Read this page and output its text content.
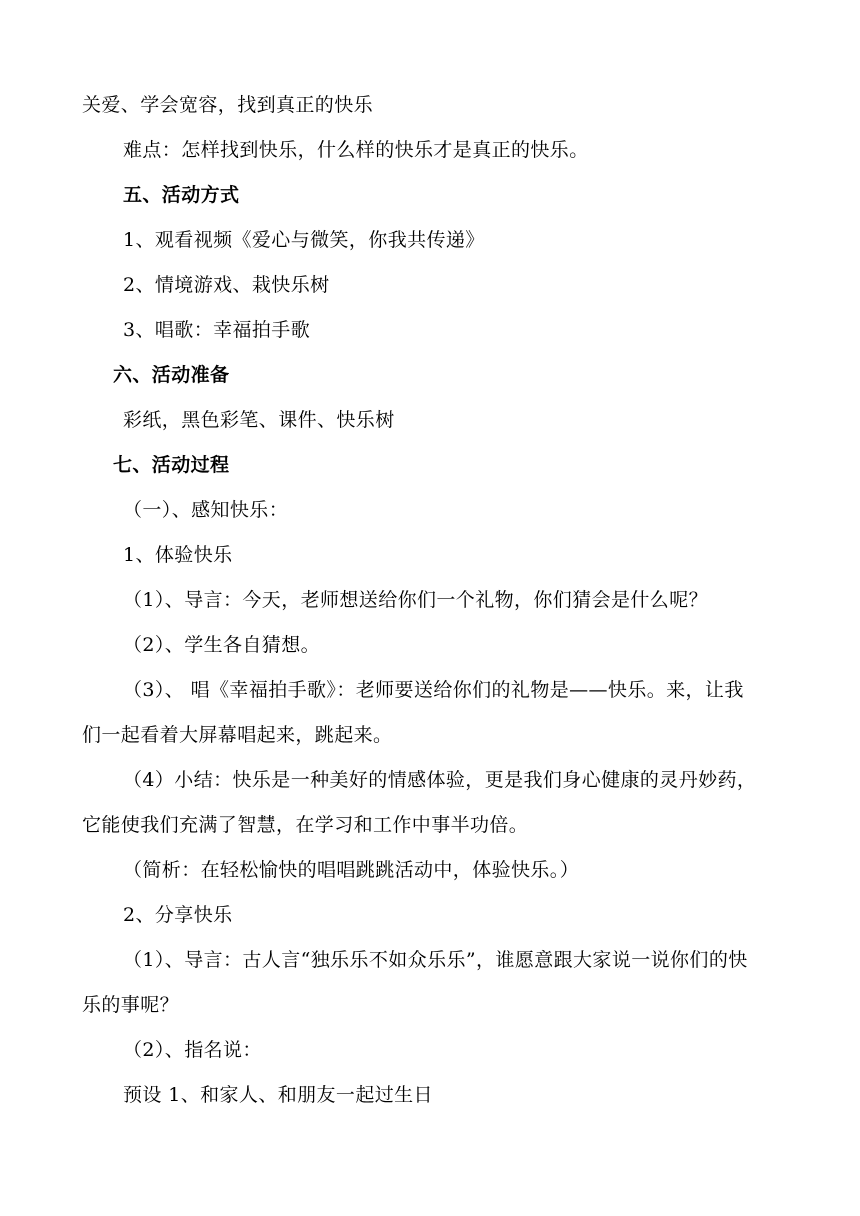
关爱、学会宽容，找到真正的快乐
难点：怎样找到快乐，什么样的快乐才是真正的快乐。
五、活动方式
1、观看视频《爱心与微笑，你我共传递》
2、情境游戏、栽快乐树
3、唱歌：幸福拍手歌
六、活动准备
彩纸，黑色彩笔、课件、快乐树
七、活动过程
（一）、感知快乐：
1、体验快乐
（1）、导言：今天，老师想送给你们一个礼物，你们猜会是什么呢？
（2）、学生各自猜想。
（3）、 唱《幸福拍手歌》：老师要送给你们的礼物是——快乐。来，让我
们一起看着大屏幕唱起来，跳起来。
（4）小结：快乐是一种美好的情感体验，更是我们身心健康的灵丹妙药，
它能使我们充满了智慧，在学习和工作中事半功倍。
（简析：在轻松愉快的唱唱跳跳活动中，体验快乐。）
2、分享快乐
（1）、导言：古人言“独乐乐不如众乐乐”，谁愿意跟大家说一说你们的快
乐的事呢？
（2）、指名说：
预设 1、和家人、和朋友一起过生日
